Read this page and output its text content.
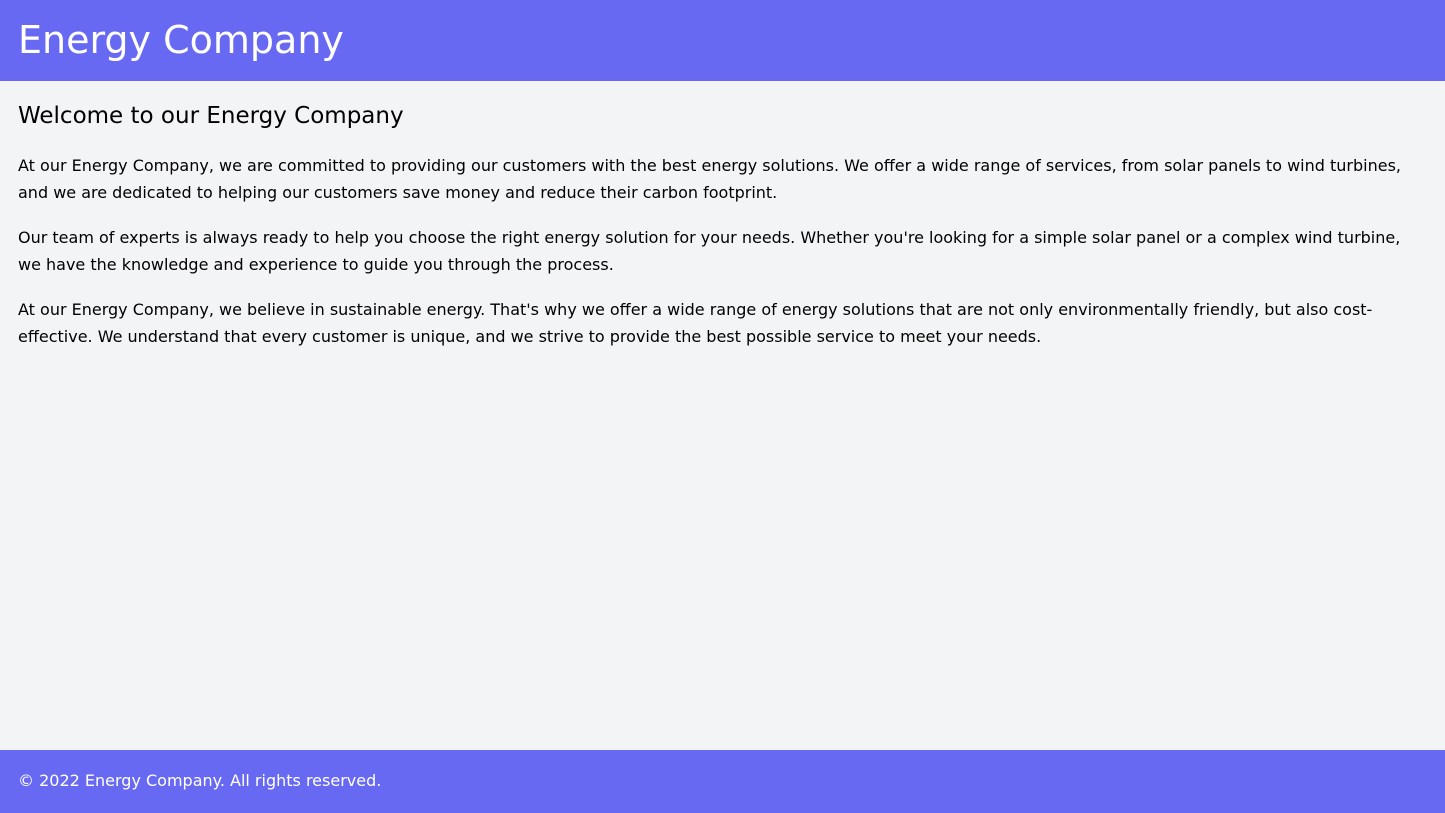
Energy Company
Welcome to our Energy Company

At our Energy Company, we are committed to providing our customers with the best energy solutions. We offer a wide range of services, from solar panels to wind turbines, and we are dedicated to helping our customers save money and reduce their carbon footprint.

Our team of experts is always ready to help you choose the right energy solution for your needs. Whether you're looking for a simple solar panel or a complex wind turbine, we have the knowledge and experience to guide you through the process.

At our Energy Company, we believe in sustainable energy. That's why we offer a wide range of energy solutions that are not only environmentally friendly, but also cost-effective. We understand that every customer is unique, and we strive to provide the best possible service to meet your needs.

© 2022 Energy Company. All rights reserved.
